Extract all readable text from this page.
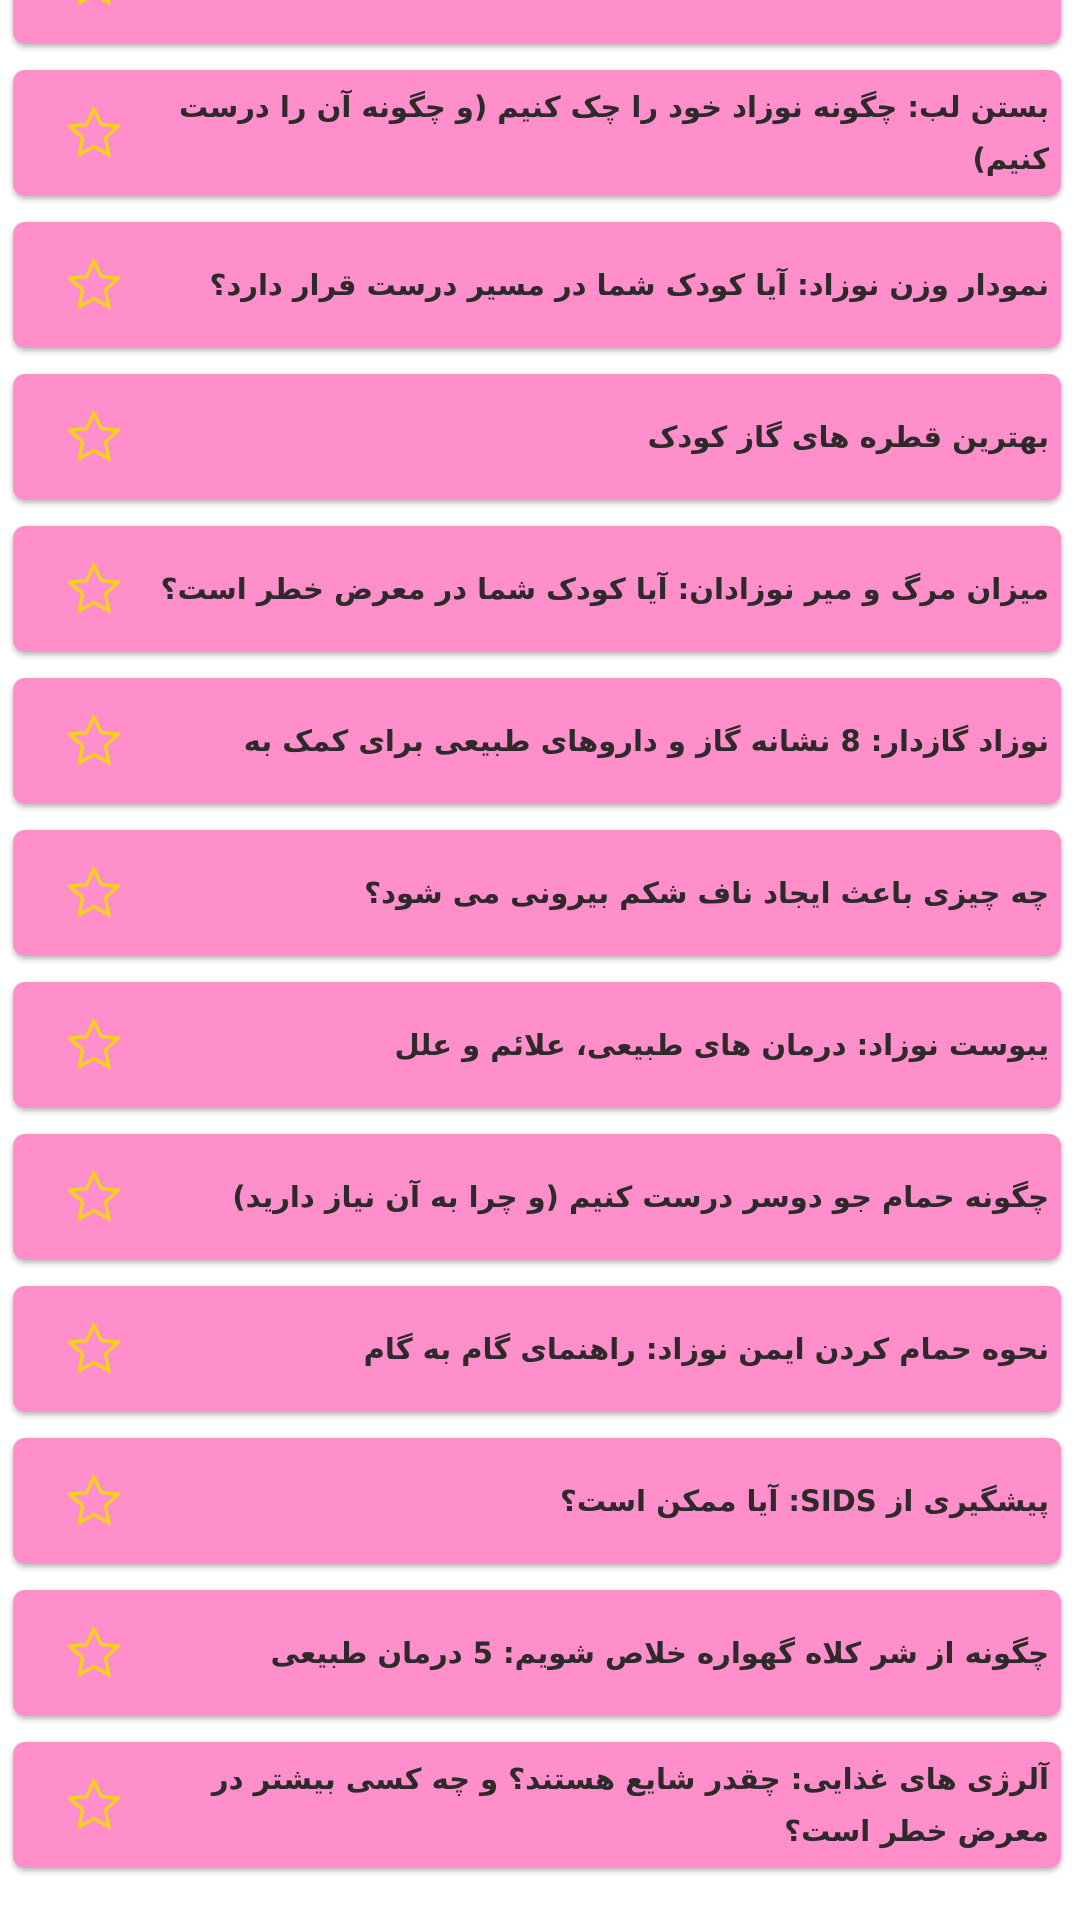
بستن لب: چگونه نوزاد خود را چک کنیم (و چگونه آن را درست کنیم)
نمودار وزن نوزاد: آیا کودک شما در مسیر درست قرار دارد؟
بهترین قطره های گاز کودک
میزان مرگ و میر نوزادان: آیا کودک شما در معرض خطر است؟
نوزاد گازدار: 8 نشانه گاز و داروهای طبیعی برای کمک به
چه چیزی باعث ایجاد ناف شکم بیرونی می شود؟
یبوست نوزاد: درمان های طبیعی، علائم و علل
چگونه حمام جو دوسر درست کنیم (و چرا به آن نیاز دارید)
نحوه حمام کردن ایمن نوزاد: راهنمای گام به گام
پیشگیری از SIDS: آیا ممکن است؟
چگونه از شر کلاه گهواره خلاص شویم: 5 درمان طبیعی
آلرژی های غذایی: چقدر شایع هستند؟ و چه کسی بیشتر در معرض خطر است؟
